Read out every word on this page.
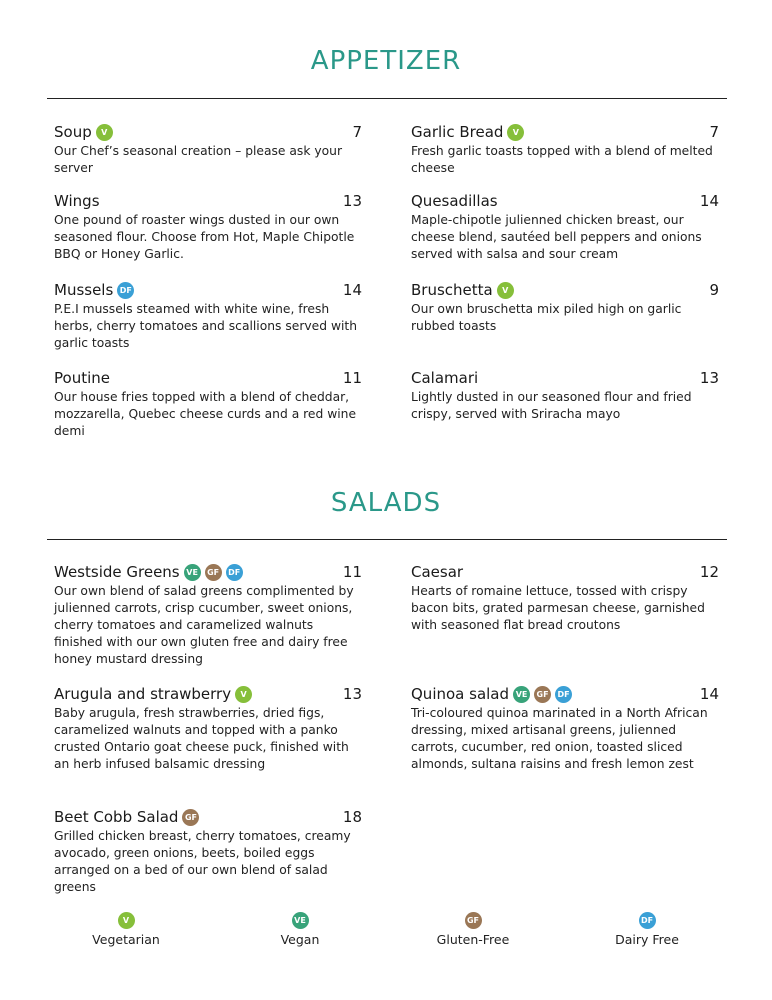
APPETIZER
Soup	V	7
Our Chef’s seasonal creation – please ask your server
Garlic Bread	V	7
Fresh garlic toasts topped with a blend of melted cheese
Wings	13
One pound of roaster wings dusted in our own seasoned flour. Choose from Hot, Maple Chipotle BBQ or Honey Garlic.
Quesadillas	14
Maple-chipotle julienned chicken breast, our cheese blend, sautéed bell peppers and onions served with salsa and sour cream
Mussels DF	14
P.E.I mussels steamed with white wine, fresh herbs, cherry tomatoes and scallions served with garlic toasts
Bruschetta	V	9
Our own bruschetta mix piled high on garlic rubbed toasts
Poutine	11
Our house fries topped with a blend of cheddar, mozzarella, Quebec cheese curds and a red wine demi
Calamari	13
Lightly dusted in our seasoned flour and fried crispy, served with Sriracha mayo
SALADS
Westside Greens VE	GF	DF	11
Our own blend of salad greens complimented by julienned carrots, crisp cucumber, sweet onions, cherry tomatoes and caramelized walnuts finished with our own gluten free and dairy free honey mustard dressing
Caesar	12
Hearts of romaine lettuce, tossed with crispy bacon bits, grated parmesan cheese, garnished with seasoned flat bread croutons
Arugula and strawberry	V	13
Baby arugula, fresh strawberries, dried figs, caramelized walnuts and topped with a panko crusted Ontario goat cheese puck, finished with an herb infused balsamic dressing
Quinoa salad VE	GF	DF	14
Tri-coloured quinoa marinated in a North African dressing, mixed artisanal greens, julienned carrots, cucumber, red onion, toasted sliced almonds, sultana raisins and fresh lemon zest
Beet Cobb Salad GF	18
Grilled chicken breast, cherry tomatoes, creamy avocado, green onions, beets, boiled eggs arranged on a bed of our own blend of salad greens
V
Vegetarian
VE
Vegan
GF
Gluten-Free
DF
Dairy Free
